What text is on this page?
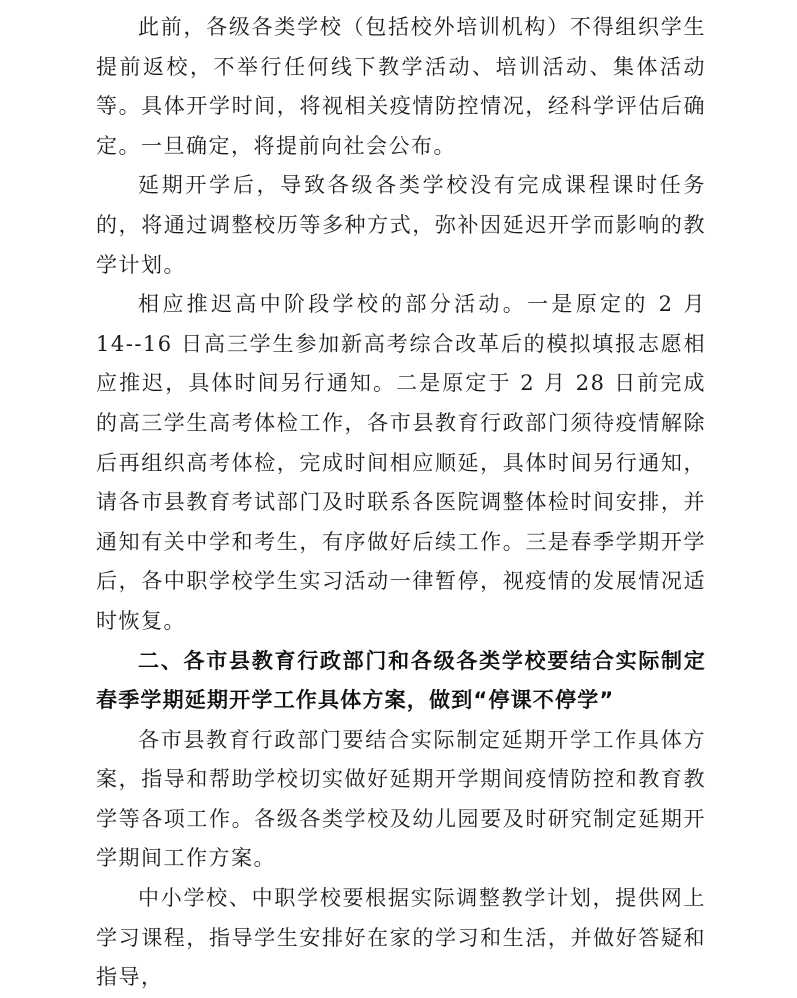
此前，各级各类学校（包括校外培训机构）不得组织学生提前返校，不举行任何线下教学活动、培训活动、集体活动等。具体开学时间，将视相关疫情防控情况，经科学评估后确定。一旦确定，将提前向社会公布。

延期开学后，导致各级各类学校没有完成课程课时任务的，将通过调整校历等多种方式，弥补因延迟开学而影响的教学计划。

相应推迟高中阶段学校的部分活动。一是原定的 2 月 14--16 日高三学生参加新高考综合改革后的模拟填报志愿相应推迟，具体时间另行通知。二是原定于 2 月 28 日前完成的高三学生高考体检工作，各市县教育行政部门须待疫情解除后再组织高考体检，完成时间相应顺延，具体时间另行通知，请各市县教育考试部门及时联系各医院调整体检时间安排，并通知有关中学和考生，有序做好后续工作。三是春季学期开学后，各中职学校学生实习活动一律暂停，视疫情的发展情况适时恢复。

二、各市县教育行政部门和各级各类学校要结合实际制定春季学期延期开学工作具体方案，做到“停课不停学”

各市县教育行政部门要结合实际制定延期开学工作具体方案，指导和帮助学校切实做好延期开学期间疫情防控和教育教学等各项工作。各级各类学校及幼儿园要及时研究制定延期开学期间工作方案。

中小学校、中职学校要根据实际调整教学计划，提供网上学习课程，指导学生安排好在家的学习和生活，并做好答疑和指导，
